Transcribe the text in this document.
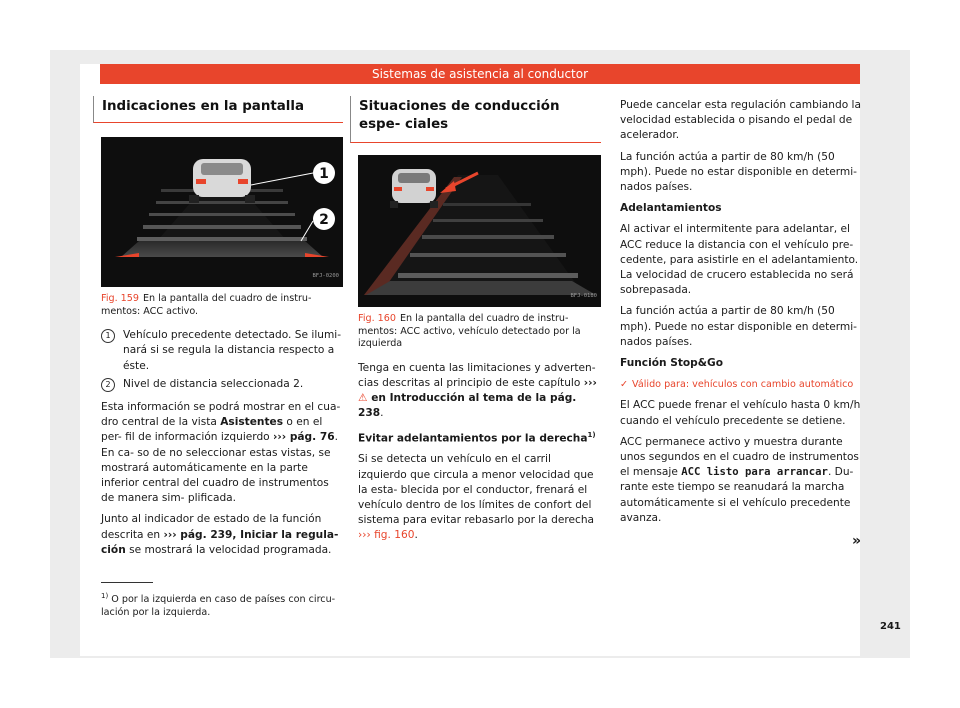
Sistemas de asistencia al conductor
Indicaciones en la pantalla
1
2
BFJ-0200
Fig. 159 En la pantalla del cuadro de instru- mentos: ACC activo.
1	Vehículo precedente detectado. Se ilumi- nará si se regula la distancia respecto a éste.
2	Nivel de distancia seleccionada 2.

Esta información se podrá mostrar en el cua- dro central de la vista Asistentes o en el per- fil de información izquierdo ››› pág. 76. En ca- so de no seleccionar estas vistas, se mostrará automáticamente en la parte inferior central del cuadro de instrumentos de manera sim- plificada.

Junto al indicador de estado de la función descrita en ››› pág. 239, Iniciar la regula- ción se mostrará la velocidad programada.

Situaciones de conducción espe- ciales
BFJ-0180
Fig. 160 En la pantalla del cuadro de instru- mentos: ACC activo, vehículo detectado por la izquierda

Tenga en cuenta las limitaciones y adverten- cias descritas al principio de este capítulo ››› ⚠ en Introducción al tema de la pág. 238.

Evitar adelantamientos por la derecha$^{1)}$

Si se detecta un vehículo en el carril izquierdo que circula a menor velocidad que la esta- blecida por el conductor, frenará el vehículo dentro de los límites de confort del sistema para evitar rebasarlo por la derecha ››› fig. 160.

Puede cancelar esta regulación cambiando la velocidad establecida o pisando el pedal de acelerador.

La función actúa a partir de 80 km/h (50 mph). Puede no estar disponible en determi- nados países.

Adelantamientos

Al activar el intermitente para adelantar, el ACC reduce la distancia con el vehículo pre- cedente, para asistirle en el adelantamiento. La velocidad de crucero establecida no será sobrepasada.

La función actúa a partir de 80 km/h (50 mph). Puede no estar disponible en determi- nados países.

Función Stop&Go

✓ Válido para: vehículos con cambio automático

El ACC puede frenar el vehículo hasta 0 km/h cuando el vehículo precedente se detiene.

ACC permanece activo y muestra durante unos segundos en el cuadro de instrumentos el mensaje ACC listo para arrancar. Du- rante este tiempo se reanudará la marcha automáticamente si el vehículo precedente avanza.

»
$^{1)}$ O por la izquierda en caso de países con circu- lación por la izquierda.
241
